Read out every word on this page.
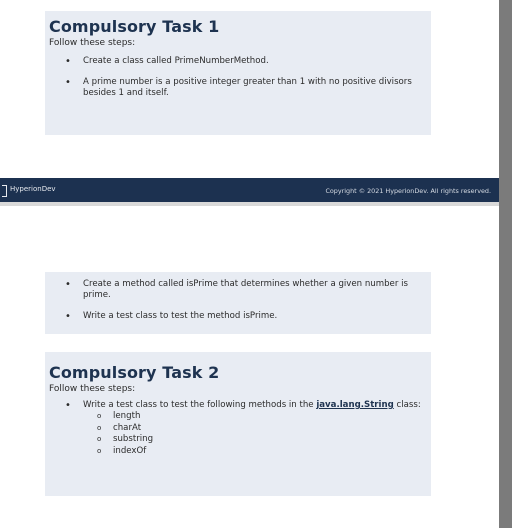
Compulsory Task 1

Follow these steps:

• Create a class called PrimeNumberMethod.
• A prime number is a positive integer greater than 1 with no positive divisors besides 1 and itself.
HyperionDev	Copyright © 2021 HyperionDev. All rights reserved.
• Create a method called isPrime that determines whether a given number is prime.
• Write a test class to test the method isPrime.
Compulsory Task 2

Follow these steps:

• Write a test class to test the following methods in the java.lang.String class:
o length
o charAt
o substring
o indexOf
